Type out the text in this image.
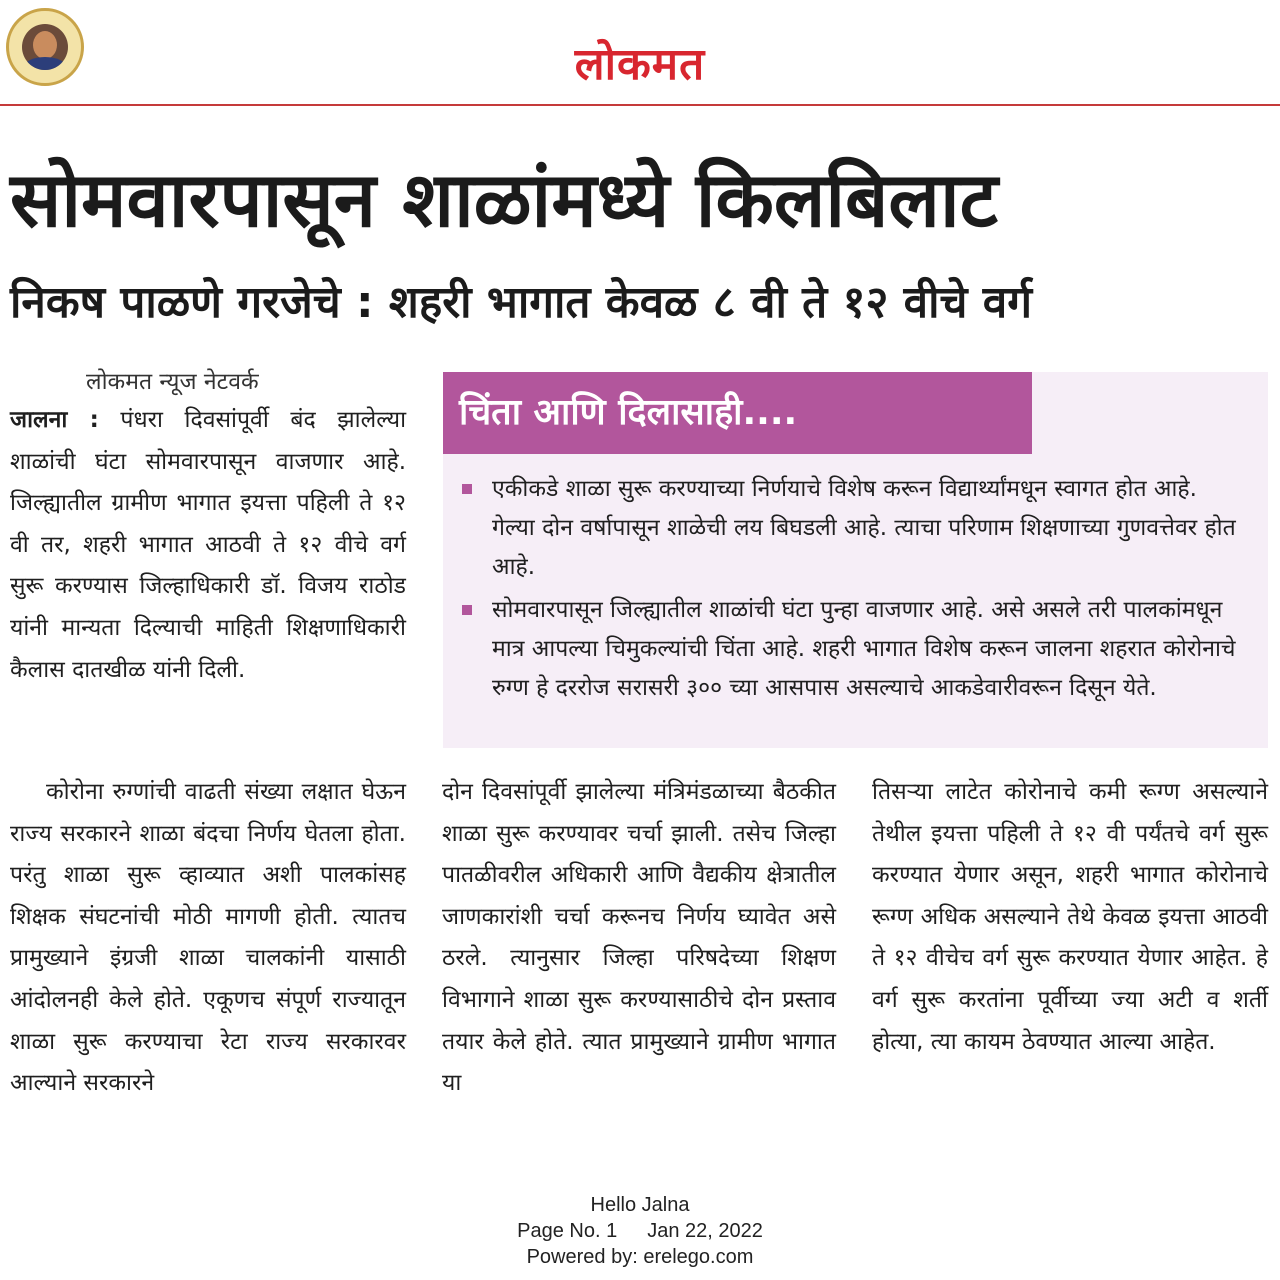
लोकमत
सोमवारपासून शाळांमध्ये किलबिलाट
निकष पाळणे गरजेचे : शहरी भागात केवळ ८ वी ते १२ वीचे वर्ग
लोकमत न्यूज नेटवर्क

जालना : पंधरा दिवसांपूर्वी बंद झालेल्या शाळांची घंटा सोमवारपासून वाजणार आहे. जिल्ह्यातील ग्रामीण भागात इयत्ता पहिली ते १२ वी तर, शहरी भागात आठवी ते १२ वीचे वर्ग सुरू करण्यास जिल्हाधिकारी डॉ. विजय राठोड यांनी मान्यता दिल्याची माहिती शिक्षणाधिकारी कैलास दातखीळ यांनी दिली.

कोरोना रुग्णांची वाढती संख्या लक्षात घेऊन राज्य सरकारने शाळा बंदचा निर्णय घेतला होता. परंतु शाळा सुरू व्हाव्यात अशी पालकांसह शिक्षक संघटनांची मोठी मागणी होती. त्यातच प्रामुख्याने इंग्रजी शाळा चालकांनी यासाठी आंदोलनही केले होते. एकूणच संपूर्ण राज्यातून शाळा सुरू करण्याचा रेटा राज्य सरकारवर आल्याने सरकारने

चिंता आणि दिलासाही....
एकीकडे शाळा सुरू करण्याच्या निर्णयाचे विशेष करून विद्यार्थ्यांमधून स्वागत होत आहे. गेल्या दोन वर्षापासून शाळेची लय बिघडली आहे. त्याचा परिणाम शिक्षणाच्या गुणवत्तेवर होत आहे.
सोमवारपासून जिल्ह्यातील शाळांची घंटा पुन्हा वाजणार आहे. असे असले तरी पालकांमधून मात्र आपल्या चिमुकल्यांची चिंता आहे. शहरी भागात विशेष करून जालना शहरात कोरोनाचे रुग्ण हे दररोज सरासरी ३०० च्या आसपास असल्याचे आकडेवारीवरून दिसून येते.

दोन दिवसांपूर्वी झालेल्या मंत्रिमंडळाच्या बैठकीत शाळा सुरू करण्यावर चर्चा झाली. तसेच जिल्हा पातळीवरील अधिकारी आणि वैद्यकीय क्षेत्रातील जाणकारांशी चर्चा करूनच निर्णय घ्यावेत असे ठरले. त्यानुसार जिल्हा परिषदेच्या शिक्षण विभागाने शाळा सुरू करण्यासाठीचे दोन प्रस्ताव तयार केले होते. त्यात प्रामुख्याने ग्रामीण भागात या

तिसऱ्या लाटेत कोरोनाचे कमी रूग्ण असल्याने तेथील इयत्ता पहिली ते १२ वी पर्यंतचे वर्ग सुरू करण्यात येणार असून, शहरी भागात कोरोनाचे रूग्ण अधिक असल्याने तेथे केवळ इयत्ता आठवी ते १२ वीचेच वर्ग सुरू करण्यात येणार आहेत. हे वर्ग सुरू करतांना पूर्वीच्या ज्या अटी व शर्ती होत्या, त्या कायम ठेवण्यात आल्या आहेत.

Hello Jalna
Page No. 1 Jan 22, 2022
Powered by: erelego.com
